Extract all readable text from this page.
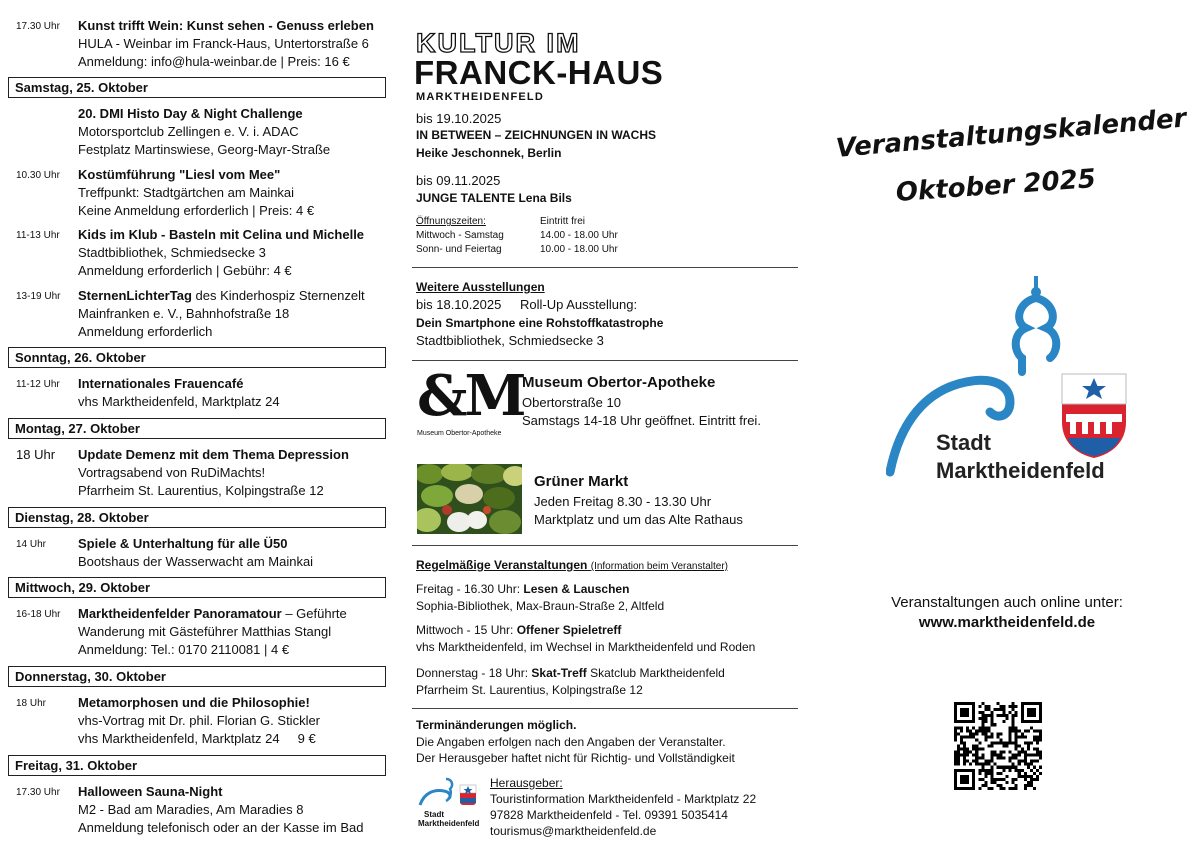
17.30 Uhr Kunst trifft Wein: Kunst sehen - Genuss erleben
HULA - Weinbar im Franck-Haus, Untertorstraße 6
Anmeldung: info@hula-weinbar.de | Preis: 16 €
Samstag, 25. Oktober
20. DMI Histo Day & Night Challenge
Motorsportclub Zellingen e. V. i. ADAC
Festplatz Martinswiese, Georg-Mayr-Straße
10.30 Uhr Kostümführung "Liesl vom Mee"
Treffpunkt: Stadtgärtchen am Mainkai
Keine Anmeldung erforderlich | Preis: 4 €
11-13 Uhr Kids im Klub - Basteln mit Celina und Michelle
Stadtbibliothek, Schmiedsecke 3
Anmeldung erforderlich | Gebühr: 4 €
13-19 Uhr SternenLichterTag des Kinderhospiz Sternenzelt
Mainfranken e. V., Bahnhofstraße 18
Anmeldung erforderlich
Sonntag, 26. Oktober
11-12 Uhr Internationales Frauencafé
vhs Marktheidenfeld, Marktplatz 24
Montag, 27. Oktober
18 Uhr Update Demenz mit dem Thema Depression
Vortragsabend von RuDiMachts!
Pfarrheim St. Laurentius, Kolpingstraße 12
Dienstag, 28. Oktober
14 Uhr Spiele & Unterhaltung für alle Ü50
Bootshaus der Wasserwacht am Mainkai
Mittwoch, 29. Oktober
16-18 Uhr Marktheidenfelder Panoramatour – Geführte
Wanderung mit Gästeführer Matthias Stangl
Anmeldung: Tel.: 0170 2110081 | 4 €
Donnerstag, 30. Oktober
18 Uhr Metamorphosen und die Philosophie!
vhs-Vortrag mit Dr. phil. Florian G. Stickler
vhs Marktheidenfeld, Marktplatz 24 9 €
Freitag, 31. Oktober
17.30 Uhr Halloween Sauna-Night
M2 - Bad am Maradies, Am Maradies 8
Anmeldung telefonisch oder an der Kasse im Bad
KULTUR IM
FRANCK-HAUS
MARKTHEIDENFELD
bis 19.10.2025
IN BETWEEN – ZEICHNUNGEN IN WACHS
Heike Jeschonnek, Berlin
bis 09.11.2025
JUNGE TALENTE Lena Bils
Öffnungszeiten:	Eintritt frei
Mittwoch - Samstag	14.00 - 18.00 Uhr
Sonn- und Feiertag	10.00 - 18.00 Uhr
Weitere Ausstellungen
bis 18.10.2025 Roll-Up Ausstellung:
Dein Smartphone eine Rohstoffkatastrophe
Stadtbibliothek, Schmiedsecke 3
&M
Museum Obertor-Apotheke
Museum Obertor-Apotheke
Obertorstraße 10
Samstags 14-18 Uhr geöffnet. Eintritt frei.
Grüner Markt
Jeden Freitag 8.30 - 13.30 Uhr
Marktplatz und um das Alte Rathaus
Regelmäßige Veranstaltungen (Information beim Veranstalter)
Freitag - 16.30 Uhr: Lesen & Lauschen
Sophia-Bibliothek, Max-Braun-Straße 2, Altfeld
Mittwoch - 15 Uhr: Offener Spieletreff
vhs Marktheidenfeld, im Wechsel in Marktheidenfeld und Roden
Donnerstag - 18 Uhr: Skat-Treff Skatclub Marktheidenfeld
Pfarrheim St. Laurentius, Kolpingstraße 12
Terminänderungen möglich.
Die Angaben erfolgen nach den Angaben der Veranstalter.
Der Herausgeber haftet nicht für Richtig- und Vollständigkeit
Stadt
Marktheidenfeld
Herausgeber:
Touristinformation Marktheidenfeld - Marktplatz 22
97828 Marktheidenfeld - Tel. 09391 5035414
tourismus@marktheidenfeld.de
Veranstaltungskalender
Oktober 2025
Stadt
Marktheidenfeld
Veranstaltungen auch online unter:
www.marktheidenfeld.de
